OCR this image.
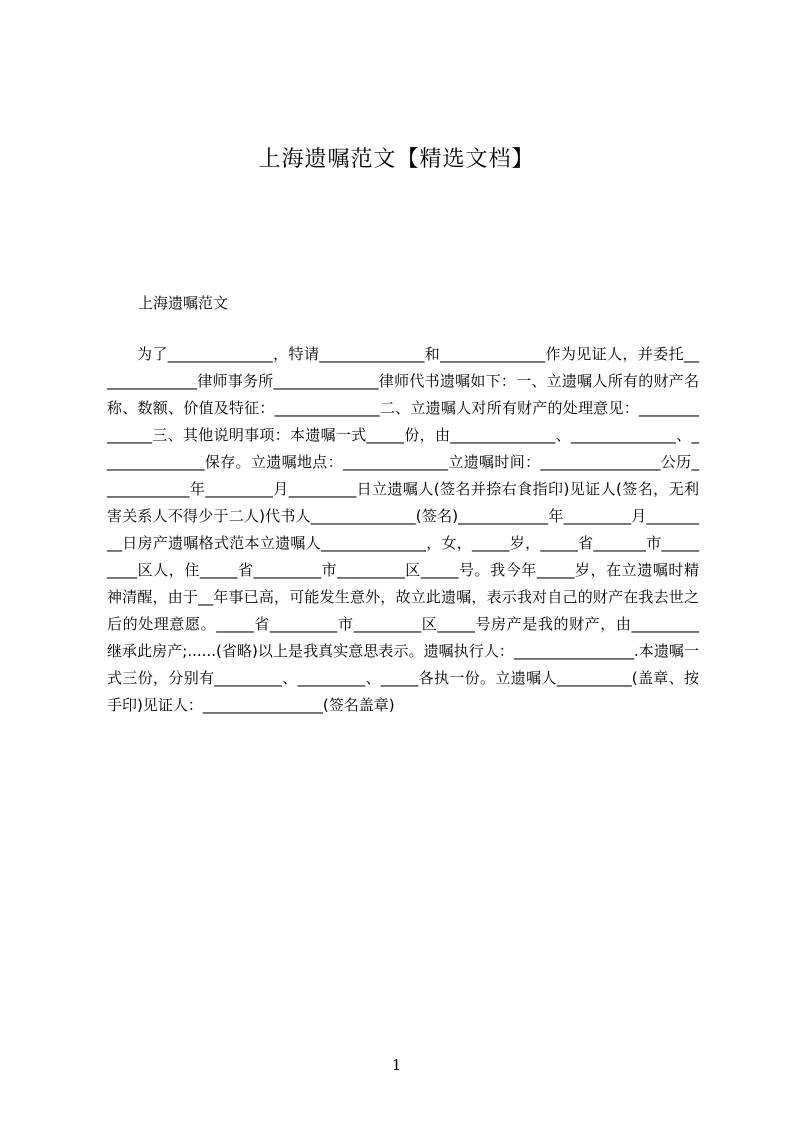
上海遗嘱范文【精选文档】
上海遗嘱范文

为了______________，特请______________和______________作为见证人，并委托______________律师事务所______________律师代书遗嘱如下：一、立遗嘱人所有的财产名称、数额、价值及特征：______________二、立遗嘱人对所有财产的处理意见：______________三、其他说明事项：本遗嘱一式_____份，由______________、______________、______________保存。立遗嘱地点：______________立遗嘱时间：________________公历____________年_________月_________日立遗嘱人(签名并捺右食指印)见证人(签名，无利害关系人不得少于二人)代书人______________(签名)____________年_________月_________日房产遗嘱格式范本立遗嘱人______________，女，_____岁，_____省_______市_________区人，住_____省_________市_________区_____号。我今年_____岁，在立遗嘱时精神清醒，由于__年事已高，可能发生意外，故立此遗嘱，表示我对自己的财产在我去世之后的处理意愿。_____省_________市_________区_____号房产是我的财产，由_________继承此房产;......(省略)以上是我真实意思表示。遗嘱执行人：________________.本遗嘱一式三份，分别有_________、_________、_____各执一份。立遗嘱人__________(盖章、按手印)见证人：________________(签名盖章)

1
